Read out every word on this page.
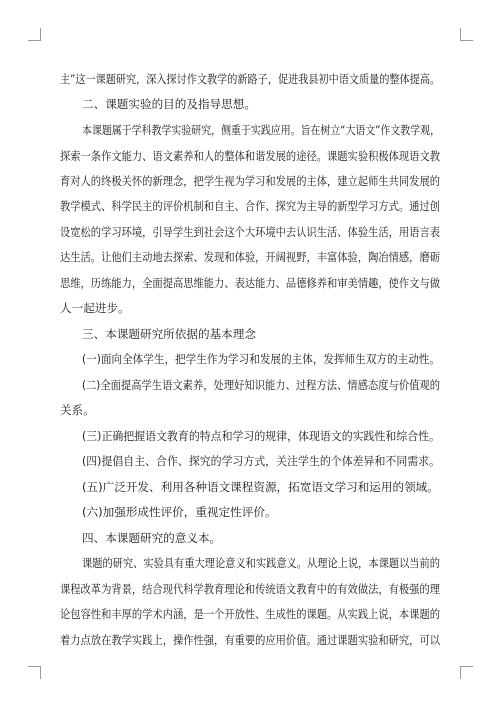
主”这一课题研究，深入探讨作文教学的新路子，促进我县初中语文质量的整体提高。
二、课题实验的目的及指导思想。
本课题属于学科教学实验研究，侧重于实践应用。旨在树立“大语文”作文教学观，
探索一条作文能力、语文素养和人的整体和谐发展的途径。课题实验积极体现语文教
育对人的终极关怀的新理念，把学生视为学习和发展的主体，建立起师生共同发展的
教学模式、科学民主的评价机制和自主、合作、探究为主导的新型学习方式。通过创
设宽松的学习环境，引导学生到社会这个大环境中去认识生活、体验生活，用语言表
达生活。让他们主动地去探索、发现和体验，开阔视野，丰富体验，陶冶情感，磨砺
思维，历练能力，全面提高思维能力、表达能力、品德修养和审美情趣，使作文与做
人一起进步。
三、本课题研究所依据的基本理念
(一)面向全体学生，把学生作为学习和发展的主体，发挥师生双方的主动性。
(二)全面提高学生语文素养，处理好知识能力、过程方法、情感态度与价值观的
关系。
(三)正确把握语文教育的特点和学习的规律，体现语文的实践性和综合性。
(四)提倡自主、合作、探究的学习方式，关注学生的个体差异和不同需求。
(五)广泛开发、利用各种语文课程资源，拓宽语文学习和运用的领域。
(六)加强形成性评价，重视定性评价。
四、本课题研究的意义本。
课题的研究、实验具有重大理论意义和实践意义。从理论上说，本课题以当前的
课程改革为背景，结合现代科学教育理论和传统语文教育中的有效做法，有极强的理
论包容性和丰厚的学术内涵，是一个开放性、生成性的课题。从实践上说，本课题的
着力点放在教学实践上，操作性强，有重要的应用价值。通过课题实验和研究，可以
